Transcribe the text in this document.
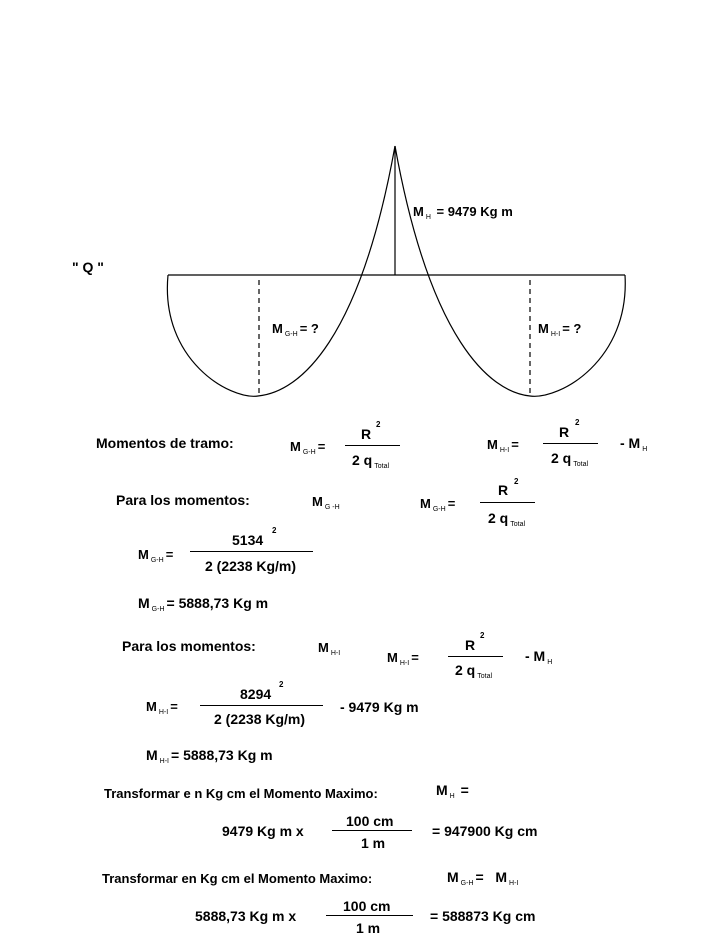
" Q "
M $_H$ = 9479 Kg m
M $_{G-H}$ = ?	M $_{H-I}$ = ?
Momentos de tramo:	M $_{G-H}$ =
R
2
2 q $_{Total}$
M $_{H-I}$ =
R
2
2 q $_{Total}$
- M $_H$
Para los momentos:	M $_{G -H}$	M $_{G-H}$ =
R
2
2 q $_{Total}$
M $_{G-H}$ =
5134
2
2 (2238 Kg/m)
M $_{G-H}$ = 5888,73 Kg m
Para los momentos:	M $_{H-I}$	M $_{H-I}$ =
R
2
2 q $_{Total}$
- M $_H$
M $_{H-I}$ =
8294
2
2 (2238 Kg/m)
- 9479 Kg m
M $_{H-I}$ = 5888,73 Kg m
Transformar e n Kg cm el Momento Maximo:	M $_H$ =
9479 Kg m x
100 cm
1 m
= 947900 Kg cm
Transformar en Kg cm el Momento Maximo:	M $_{G-H}$ = M $_{H-I}$
5888,73 Kg m x
100 cm
1 m
= 588873 Kg cm
